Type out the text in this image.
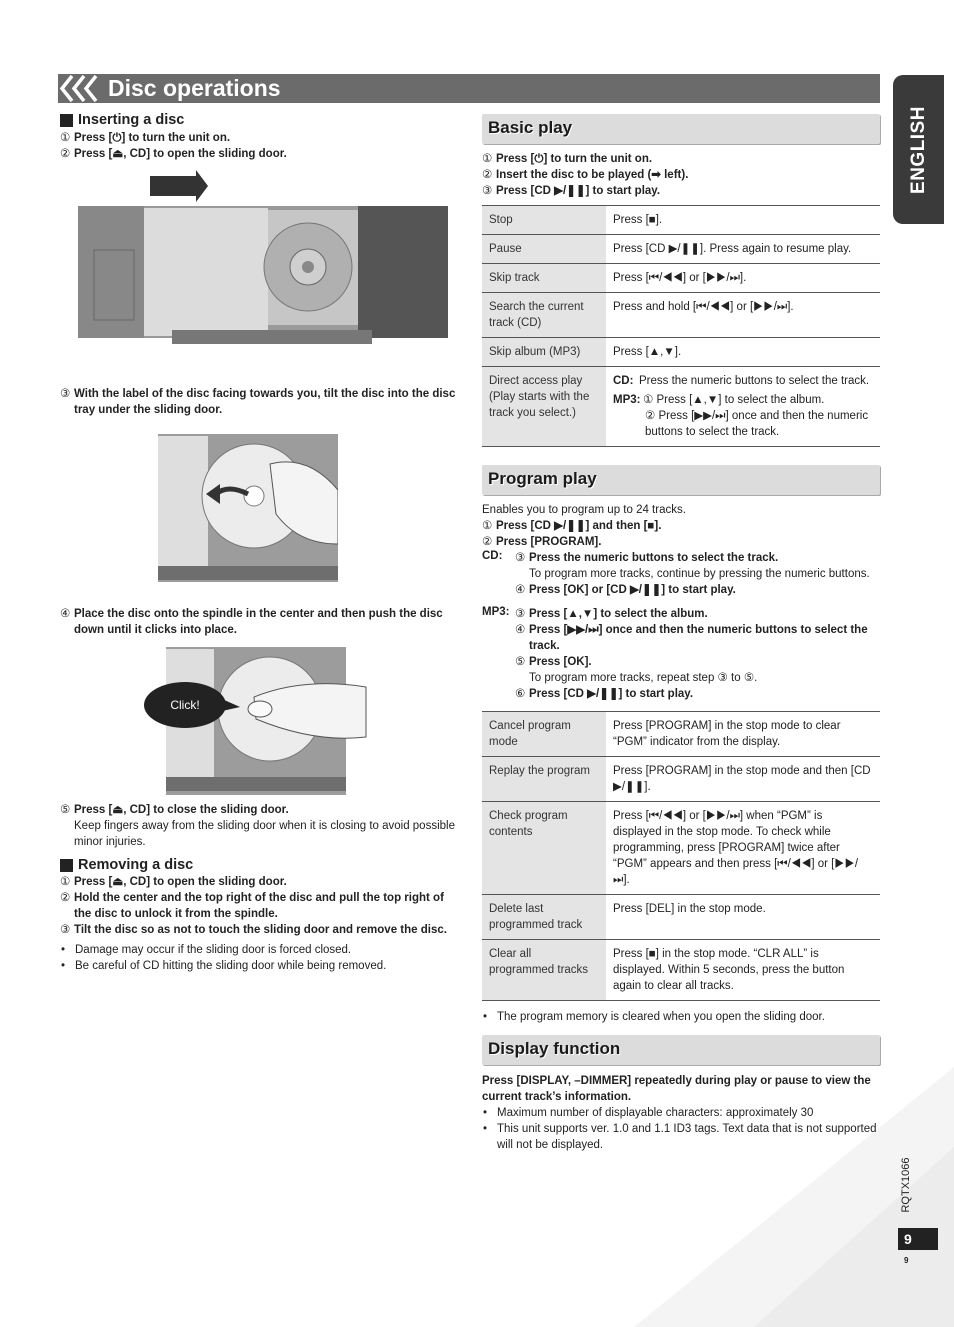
Disc operations
ENGLISH
Inserting a disc
① Press [⏻] to turn the unit on.
② Press [⏏, CD] to open the sliding door.
③ With the label of the disc facing towards you, tilt the disc into the disc tray under the sliding door.
④ Place the disc onto the spindle in the center and then push the disc down until it clicks into place.
Click!
⑤ Press [⏏, CD] to close the sliding door.
Keep fingers away from the sliding door when it is closing to avoid possible minor injuries.
Removing a disc
① Press [⏏, CD] to open the sliding door.
② Hold the center and the top right of the disc and pull the top right of the disc to unlock it from the spindle.
③ Tilt the disc so as not to touch the sliding door and remove the disc.
• Damage may occur if the sliding door is forced closed.
• Be careful of CD hitting the sliding door while being removed.
Basic play
① Press [⏻] to turn the unit on.
② Insert the disc to be played (➡ left).
③ Press [CD ▶/❚❚] to start play.
Stop	Press [■].
Pause	Press [CD ▶/❚❚]. Press again to resume play.
Skip track	Press [⏮/◀◀] or [▶▶/⏭].
Search the current track (CD)	Press and hold [⏮/◀◀] or [▶▶/⏭].
Skip album (MP3)	Press [▲,▼].
Direct access play (Play starts with the track you select.)	CD: Press the numeric buttons to select the track.
MP3: ① Press [▲,▼] to select the album.
② Press [▶▶/⏭] once and then the numeric buttons to select the track.
Program play
Enables you to program up to 24 tracks.
① Press [CD ▶/❚❚] and then [■].
② Press [PROGRAM].
CD: ③ Press the numeric buttons to select the track.
To program more tracks, continue by pressing the numeric buttons.
④ Press [OK] or [CD ▶/❚❚] to start play.
MP3: ③ Press [▲,▼] to select the album.
④ Press [▶▶/⏭] once and then the numeric buttons to select the track.
⑤ Press [OK].
To program more tracks, repeat step ③ to ⑤.
⑥ Press [CD ▶/❚❚] to start play.
Cancel program mode	Press [PROGRAM] in the stop mode to clear “PGM” indicator from the display.
Replay the program	Press [PROGRAM] in the stop mode and then [CD ▶/❚❚].
Check program contents	Press [⏮/◀◀] or [▶▶/⏭] when “PGM” is displayed in the stop mode. To check while programming, press [PROGRAM] twice after “PGM” appears and then press [⏮/◀◀] or [▶▶/⏭].
Delete last programmed track	Press [DEL] in the stop mode.
Clear all programmed tracks	Press [■] in the stop mode. “CLR ALL” is displayed. Within 5 seconds, press the button again to clear all tracks.
• The program memory is cleared when you open the sliding door.
Display function
Press [DISPLAY, –DIMMER] repeatedly during play or pause to view the current track’s information.
• Maximum number of displayable characters: approximately 30
• This unit supports ver. 1.0 and 1.1 ID3 tags. Text data that is not supported will not be displayed.
RQTX1066
9
9
